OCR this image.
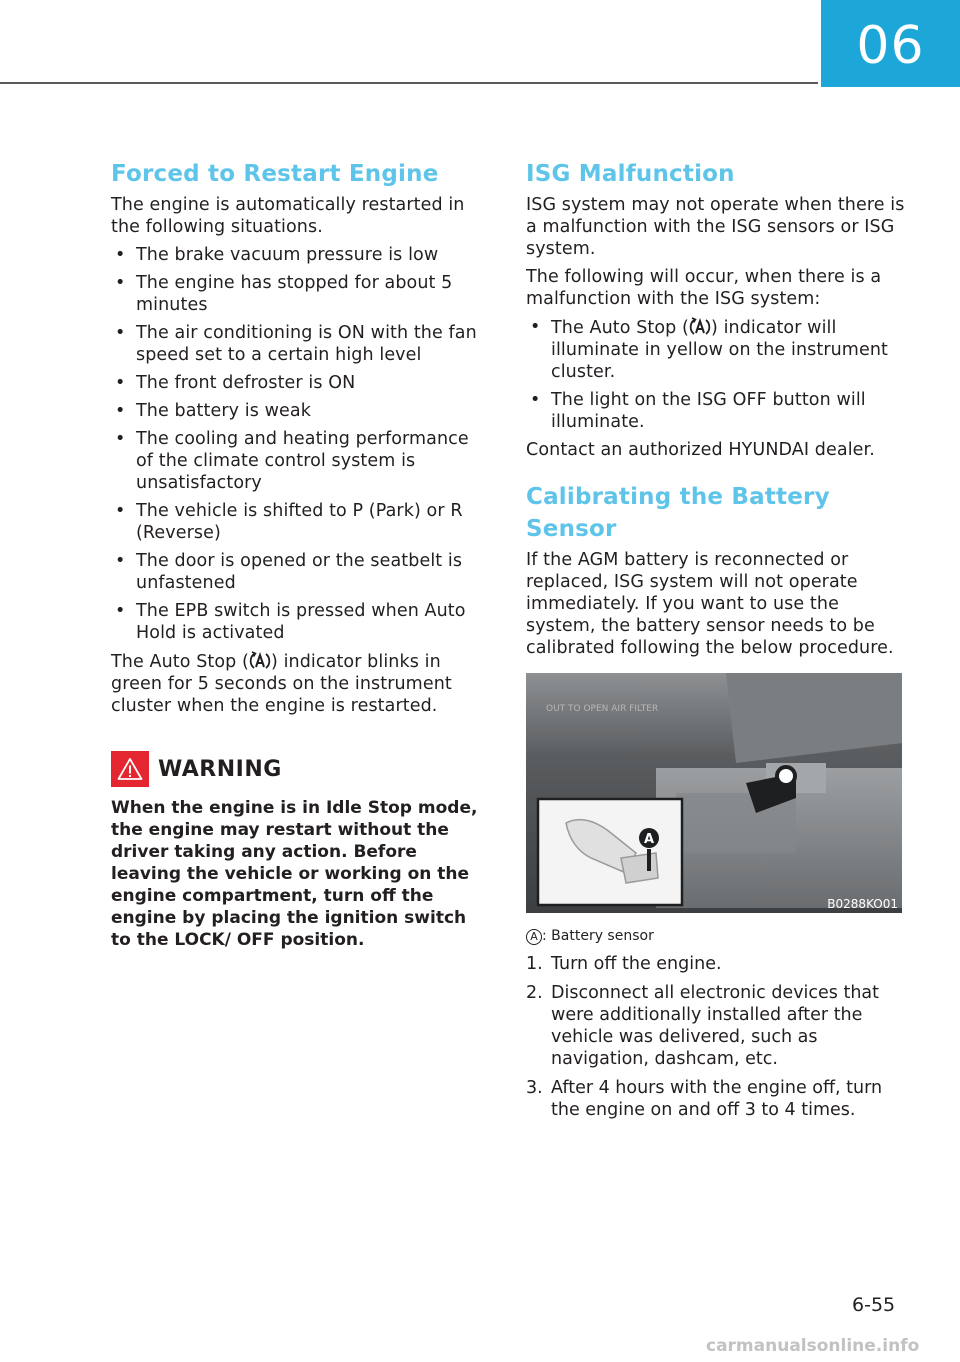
06
Forced to Restart Engine

The engine is automatically restarted in the following situations.

• The brake vacuum pressure is low
• The engine has stopped for about 5 minutes
• The air conditioning is ON with the fan speed set to a certain high level
• The front defroster is ON
• The battery is weak
• The cooling and heating performance of the climate control system is unsatisfactory
• The vehicle is shifted to P (Park) or R (Reverse)
• The door is opened or the seatbelt is unfastened
• The EPB switch is pressed when Auto Hold is activated

The Auto Stop ( ) indicator blinks in green for 5 seconds on the instrument cluster when the engine is restarted.

WARNING

When the engine is in Idle Stop mode, the engine may restart without the driver taking any action. Before leaving the vehicle or working on the engine compartment, turn off the engine by placing the ignition switch to the LOCK/ OFF position.

ISG Malfunction

ISG system may not operate when there is a malfunction with the ISG sensors or ISG system.

The following will occur, when there is a malfunction with the ISG system:

• The Auto Stop ( ) indicator will illuminate in yellow on the instrument cluster.
• The light on the ISG OFF button will illuminate.

Contact an authorized HYUNDAI dealer.

Calibrating the Battery Sensor

If the AGM battery is reconnected or replaced, ISG system will not operate immediately. If you want to use the system, the battery sensor needs to be calibrated following the below procedure.

A
OUT TO OPEN AIR FILTER
B0288KO01

A : Battery sensor

1. Turn off the engine.
2. Disconnect all electronic devices that were additionally installed after the vehicle was delivered, such as navigation, dashcam, etc.
3. After 4 hours with the engine off, turn the engine on and off 3 to 4 times.
6-55
carmanualsonline.info
